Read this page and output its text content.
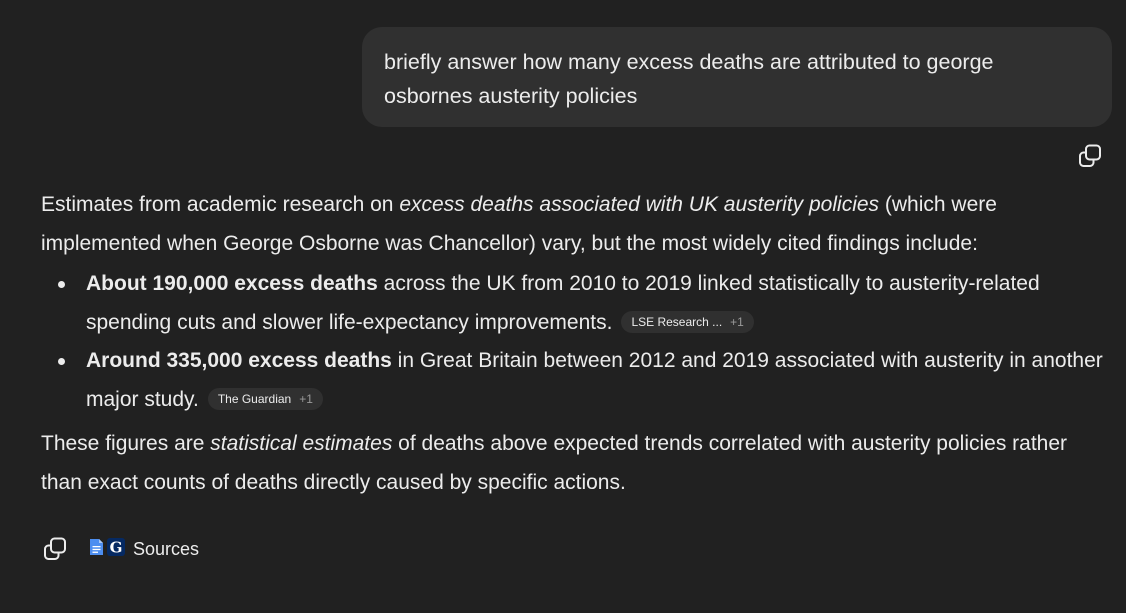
briefly answer how many excess deaths are attributed to george
osbornes austerity policies

Estimates from academic research on excess deaths associated with UK austerity policies (which were implemented when George Osborne was Chancellor) vary, but the most widely cited findings include:

About 190,000 excess deaths across the UK from 2010 to 2019 linked statistically to austerity-related spending cuts and slower life-expectancy improvements. LSE Research ... +1
Around 335,000 excess deaths in Great Britain between 2012 and 2019 associated with austerity in another major study. The Guardian +1

These figures are statistical estimates of deaths above expected trends correlated with austerity policies rather than exact counts of deaths directly caused by specific actions.

G Sources
